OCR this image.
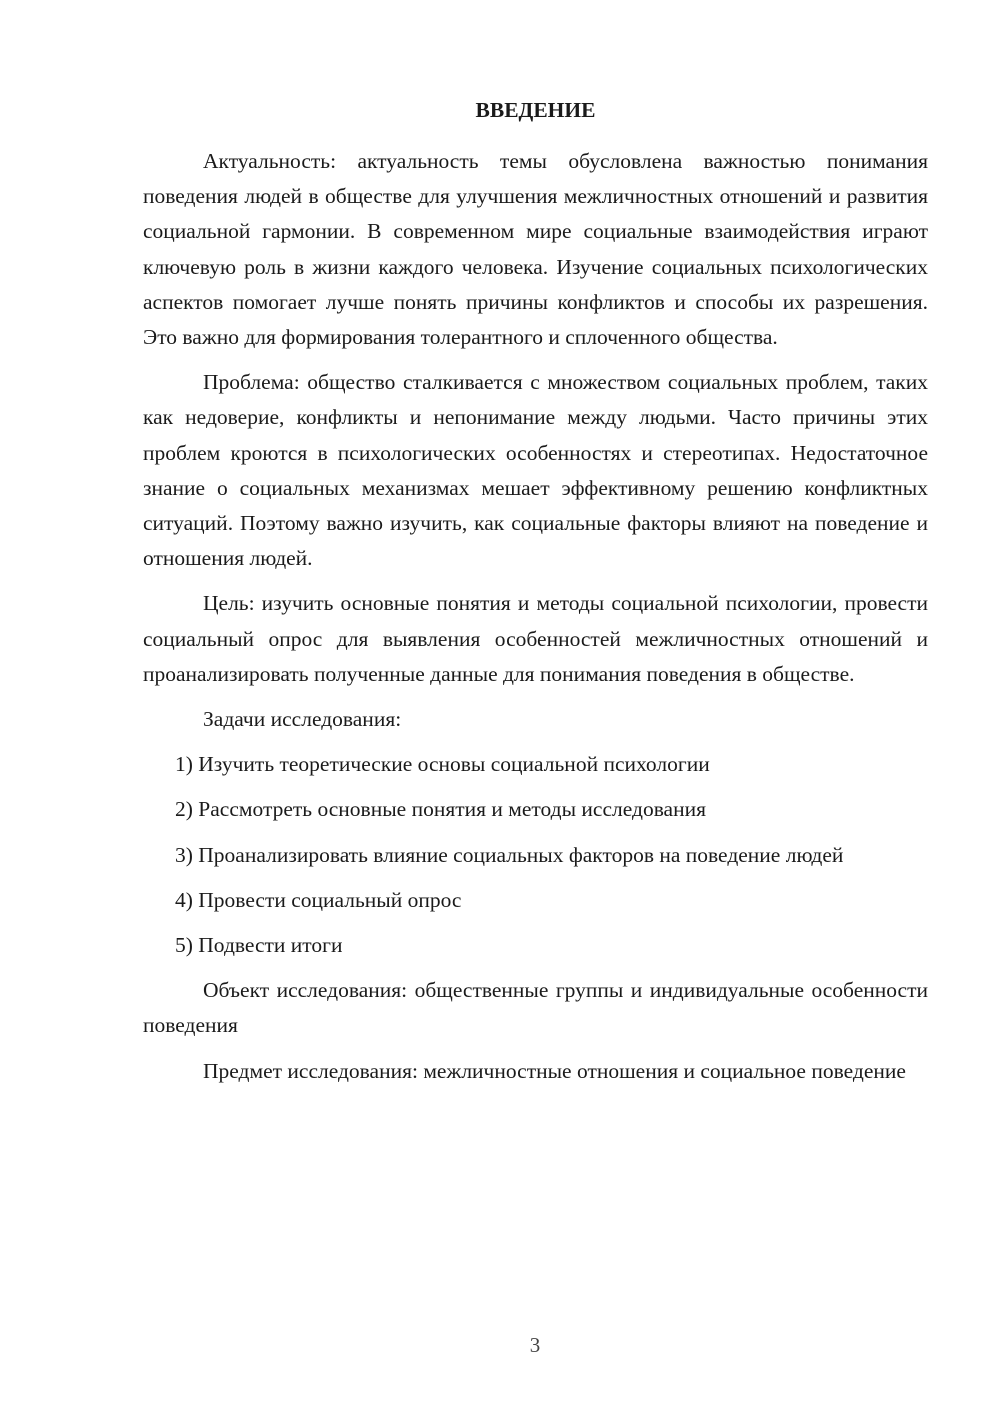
ВВЕДЕНИЕ

Актуальность: актуальность темы обусловлена важностью понимания поведения людей в обществе для улучшения межличностных отношений и развития социальной гармонии. В современном мире социальные взаимодействия играют ключевую роль в жизни каждого человека. Изучение социальных психологических аспектов помогает лучше понять причины конфликтов и способы их разрешения. Это важно для формирования толерантного и сплоченного общества.

Проблема: общество сталкивается с множеством социальных проблем, таких как недоверие, конфликты и непонимание между людьми. Часто причины этих проблем кроются в психологических особенностях и стереотипах. Недостаточное знание о социальных механизмах мешает эффективному решению конфликтных ситуаций. Поэтому важно изучить, как социальные факторы влияют на поведение и отношения людей.

Цель: изучить основные понятия и методы социальной психологии, провести социальный опрос для выявления особенностей межличностных отношений и проанализировать полученные данные для понимания поведения в обществе.

Задачи исследования:

1) Изучить теоретические основы социальной психологии

2) Рассмотреть основные понятия и методы исследования

3) Проанализировать влияние социальных факторов на поведение людей

4) Провести социальный опрос

5) Подвести итоги

Объект исследования: общественные группы и индивидуальные особенности поведения

Предмет исследования: межличностные отношения и социальное поведение

3
